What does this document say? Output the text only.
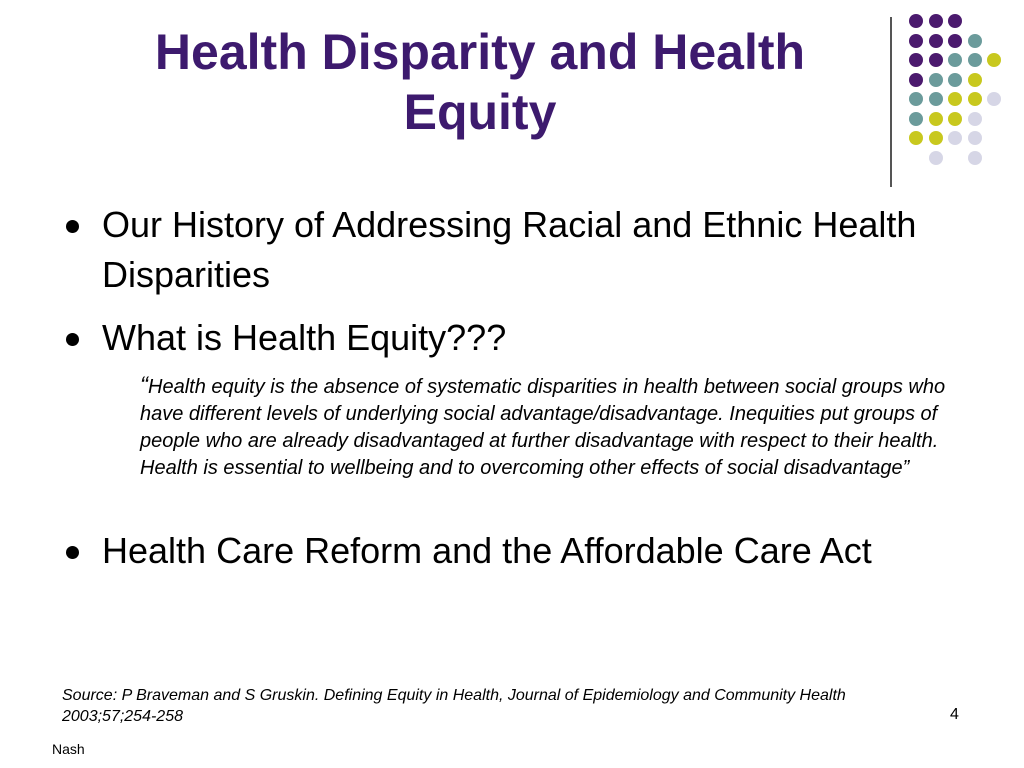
Health Disparity and Health Equity
Our History of Addressing Racial and Ethnic Health Disparities
What is Health Equity???
“Health equity is the absence of systematic disparities in health between social groups who have different levels of underlying social advantage/disadvantage. Inequities put groups of people who are already disadvantaged at further disadvantage with respect to their health. Health is essential to wellbeing and to overcoming other effects of social disadvantage”
Health Care Reform and the Affordable Care Act
Source: P Braveman and S Gruskin. Defining Equity in Health, Journal of Epidemiology and Community Health 2003;57;254-258	4
Nash
